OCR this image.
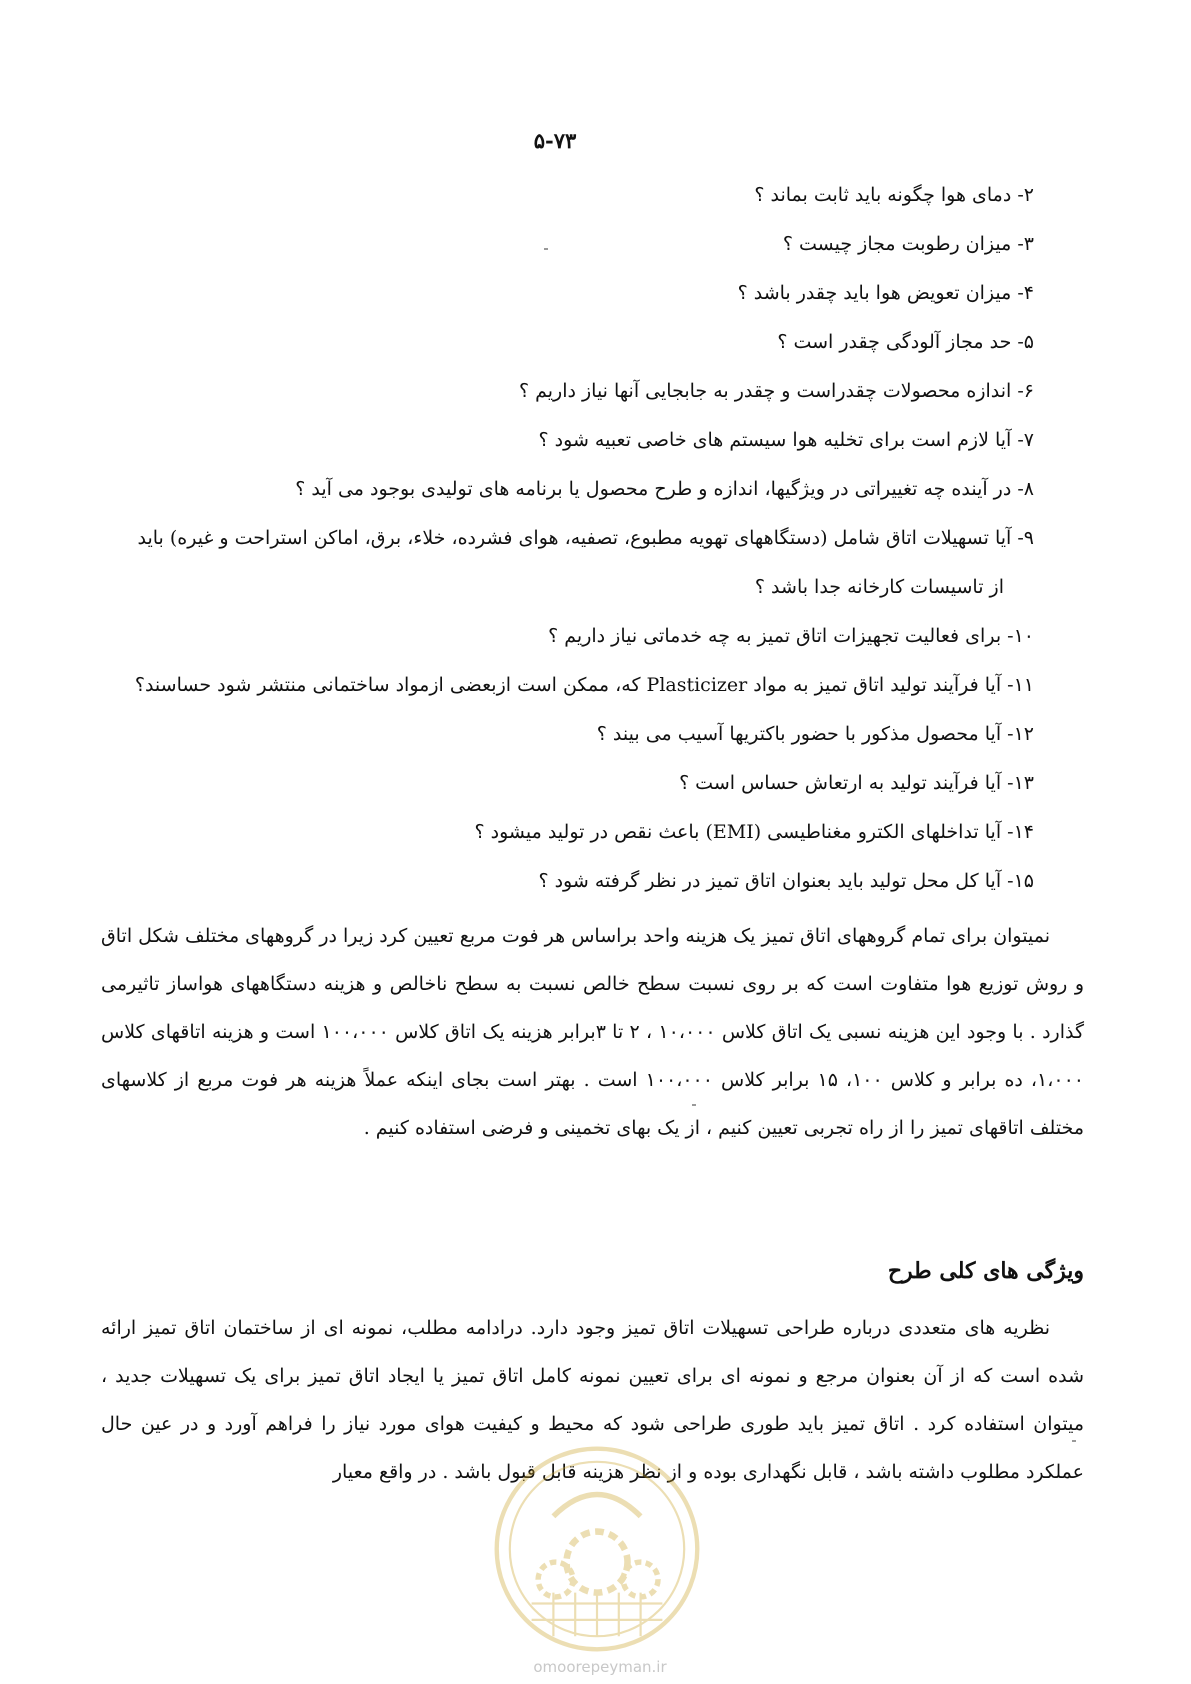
۵-۷۳
۲- دمای هوا چگونه باید ثابت بماند ؟
۳- میزان رطوبت مجاز چیست ؟
۴- میزان تعویض هوا باید چقدر باشد ؟
۵- حد مجاز آلودگی چقدر است ؟
۶- اندازه محصولات چقدراست و چقدر به جابجایی آنها نیاز داریم ؟
۷- آیا لازم است برای تخلیه هوا سیستم های خاصی تعبیه شود ؟
۸- در آینده چه تغییراتی در ویژگیها، اندازه و طرح محصول یا برنامه های تولیدی بوجود می آید ؟
۹- آیا تسهیلات اتاق شامل (دستگاههای تهویه مطبوع، تصفیه، هوای فشرده، خلاء، برق، اماکن استراحت و غیره) باید
از تاسیسات کارخانه جدا باشد ؟
۱۰- برای فعالیت تجهیزات اتاق تمیز به چه خدماتی نیاز داریم ؟
۱۱- آیا فرآیند تولید اتاق تمیز به مواد Plasticizer که، ممکن است ازبعضی ازمواد ساختمانی منتشر شود حساسند؟
۱۲- آیا محصول مذکور با حضور باکتریها آسیب می بیند ؟
۱۳- آیا فرآیند تولید به ارتعاش حساس است ؟
۱۴- آیا تداخلهای الکترو مغناطیسی (EMI) باعث نقص در تولید میشود ؟
۱۵- آیا کل محل تولید باید بعنوان اتاق تمیز در نظر گرفته شود ؟

نمیتوان برای تمام گروههای اتاق تمیز یک هزینه واحد براساس هر فوت مربع تعیین کرد زیرا در گروههای مختلف شکل اتاق و روش توزیع هوا متفاوت است که بر روی نسبت سطح خالص نسبت به سطح ناخالص و هزینه دستگاههای هواساز تاثیرمی گذارد . با وجود این هزینه نسبی یک اتاق کلاس ۱۰،۰۰۰ ، ۲ تا ۳برابر هزینه یک اتاق کلاس ۱۰۰،۰۰۰ است و هزینه اتاقهای کلاس ۱،۰۰۰، ده برابر و کلاس ۱۰۰، ۱۵ برابر کلاس ۱۰۰،۰۰۰ است . بهتر است بجای اینکه عملاً هزینه هر فوت مربع از کلاسهای مختلف اتاقهای تمیز را از راه تجربی تعیین کنیم ، از یک بهای تخمینی و فرضی استفاده کنیم .

ویژگی های کلی طرح

نظریه های متعددی درباره طراحی تسهیلات اتاق تمیز وجود دارد. درادامه مطلب، نمونه ای از ساختمان اتاق تمیز ارائه شده است که از آن بعنوان مرجع و نمونه ای برای تعیین نمونه کامل اتاق تمیز یا ایجاد اتاق تمیز برای یک تسهیلات جدید ، میتوان استفاده کرد . اتاق تمیز باید طوری طراحی شود که محیط و کیفیت هوای مورد نیاز را فراهم آورد و در عین حال عملکرد مطلوب داشته باشد ، قابل نگهداری بوده و از نظر هزینه قابل قبول باشد . در واقع معیار

omoorepeyman.ir
